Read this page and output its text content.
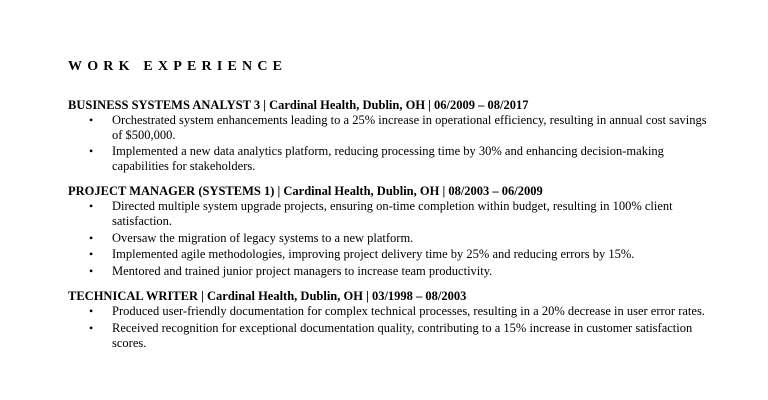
WORK EXPERIENCE
BUSINESS SYSTEMS ANALYST 3 | Cardinal Health, Dublin, OH | 06/2009 – 08/2017
• Orchestrated system enhancements leading to a 25% increase in operational efficiency, resulting in annual cost savings of $500,000.
• Implemented a new data analytics platform, reducing processing time by 30% and enhancing decision-making capabilities for stakeholders.
PROJECT MANAGER (SYSTEMS 1) | Cardinal Health, Dublin, OH | 08/2003 – 06/2009
• Directed multiple system upgrade projects, ensuring on-time completion within budget, resulting in 100% client satisfaction.
• Oversaw the migration of legacy systems to a new platform.
• Implemented agile methodologies, improving project delivery time by 25% and reducing errors by 15%.
• Mentored and trained junior project managers to increase team productivity.
TECHNICAL WRITER | Cardinal Health, Dublin, OH | 03/1998 – 08/2003
• Produced user-friendly documentation for complex technical processes, resulting in a 20% decrease in user error rates.
• Received recognition for exceptional documentation quality, contributing to a 15% increase in customer satisfaction scores.
